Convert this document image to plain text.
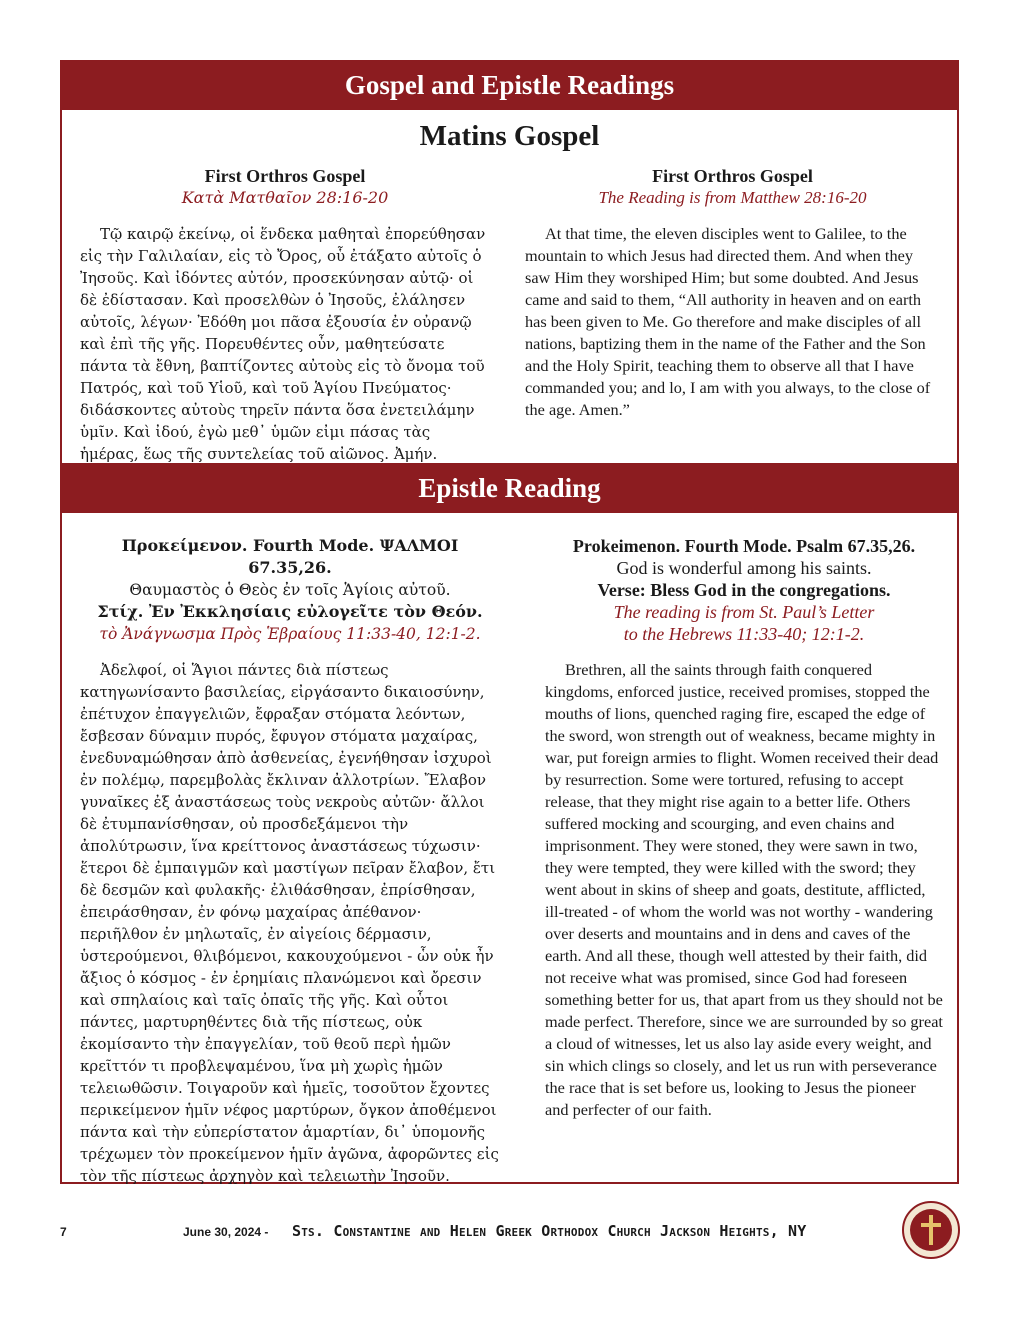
Gospel and Epistle Readings
Matins Gospel
First Orthros Gospel
Κατὰ Ματθαῖον 28:16-20
Τῷ καιρῷ ἐκείνῳ, οἱ ἕνδεκα μαθηταὶ ἐπορεύθησαν εἰς τὴν Γαλιλαίαν, εἰς τὸ Ὄρος, οὗ ἐτάξατο αὐτοῖς ὁ Ἰησοῦς. Καὶ ἰδόντες αὐτόν, προσεκύνησαν αὐτῷ· οἱ δὲ ἐδίστασαν. Καὶ προσελθὼν ὁ Ἰησοῦς, ἐλάλησεν αὐτοῖς, λέγων· Ἐδόθη μοι πᾶσα ἐξουσία ἐν οὐρανῷ καὶ ἐπὶ τῆς γῆς. Πορευθέντες οὖν, μαθητεύσατε πάντα τὰ ἔθνη, βαπτίζοντες αὐτοὺς εἰς τὸ ὄνομα τοῦ Πατρός, καὶ τοῦ Υἱοῦ, καὶ τοῦ Ἁγίου Πνεύματος· διδάσκοντες αὐτοὺς τηρεῖν πάντα ὅσα ἐνετειλάμην ὑμῖν. Καὶ ἰδού, ἐγὼ μεθ᾽ ὑμῶν εἰμι πάσας τὰς ἡμέρας, ἕως τῆς συντελείας τοῦ αἰῶνος. Ἀμήν.
First Orthros Gospel
The Reading is from Matthew 28:16-20
At that time, the eleven disciples went to Galilee, to the mountain to which Jesus had directed them. And when they saw Him they worshiped Him; but some doubted. And Jesus came and said to them, “All authority in heaven and on earth has been given to Me. Go therefore and make disciples of all nations, baptizing them in the name of the Father and the Son and the Holy Spirit, teaching them to observe all that I have commanded you; and lo, I am with you always, to the close of the age. Amen.”
Epistle Reading
Προκείμενον. Fourth Mode. ΨΑΛΜΟΙ 67.35,26.
Θαυμαστὸς ὁ Θεὸς ἐν τοῖς Ἁγίοις αὐτοῦ.
Στίχ. Ἐν Ἐκκλησίαις εὐλογεῖτε τὸν Θεόν.
τὸ Ἀνάγνωσμα Πρὸς Ἑβραίους 11:33-40, 12:1-2.
Ἀδελφοί, οἱ Ἅγιοι πάντες διὰ πίστεως κατηγωνίσαντο βασιλείας, εἰργάσαντο δικαιοσύνην, ἐπέτυχον ἐπαγγελιῶν, ἔφραξαν στόματα λεόντων, ἔσβεσαν δύναμιν πυρός, ἔφυγον στόματα μαχαίρας, ἐνεδυναμώθησαν ἀπὸ ἀσθενείας, ἐγενήθησαν ἰσχυροὶ ἐν πολέμῳ, παρεμβολὰς ἔκλιναν ἀλλοτρίων. Ἔλαβον γυναῖκες ἐξ ἀναστάσεως τοὺς νεκροὺς αὐτῶν· ἄλλοι δὲ ἐτυμπανίσθησαν, οὐ προσδεξάμενοι τὴν ἀπολύτρωσιν, ἵνα κρείττονος ἀναστάσεως τύχωσιν· ἕτεροι δὲ ἐμπαιγμῶν καὶ μαστίγων πεῖραν ἔλαβον, ἔτι δὲ δεσμῶν καὶ φυλακῆς· ἐλιθάσθησαν, ἐπρίσθησαν, ἐπειράσθησαν, ἐν φόνῳ μαχαίρας ἀπέθανον· περιῆλθον ἐν μηλωταῖς, ἐν αἰγείοις δέρμασιν, ὑστερούμενοι, θλιβόμενοι, κακουχούμενοι - ὧν οὐκ ἦν ἄξιος ὁ κόσμος - ἐν ἐρημίαις πλανώμενοι καὶ ὄρεσιν καὶ σπηλαίοις καὶ ταῖς ὀπαῖς τῆς γῆς. Καὶ οὗτοι πάντες, μαρτυρηθέντες διὰ τῆς πίστεως, οὐκ ἐκομίσαντο τὴν ἐπαγγελίαν, τοῦ θεοῦ περὶ ἡμῶν κρεῖττόν τι προβλεψαμένου, ἵνα μὴ χωρὶς ἡμῶν τελειωθῶσιν. Τοιγαροῦν καὶ ἡμεῖς, τοσοῦτον ἔχοντες περικείμενον ἡμῖν νέφος μαρτύρων, ὄγκον ἀποθέμενοι πάντα καὶ τὴν εὐπερίστατον ἁμαρτίαν, δι᾽ ὑπομονῆς τρέχωμεν τὸν προκείμενον ἡμῖν ἀγῶνα, ἀφορῶντες εἰς τὸν τῆς πίστεως ἀρχηγὸν καὶ τελειωτὴν Ἰησοῦν.
Prokeimenon. Fourth Mode. Psalm 67.35,26.
God is wonderful among his saints.
Verse: Bless God in the congregations.
The reading is from St. Paul’s Letter
to the Hebrews 11:33-40; 12:1-2.
Brethren, all the saints through faith conquered kingdoms, enforced justice, received promises, stopped the mouths of lions, quenched raging fire, escaped the edge of the sword, won strength out of weakness, became mighty in war, put foreign armies to flight. Women received their dead by resurrection. Some were tortured, refusing to accept release, that they might rise again to a better life. Others suffered mocking and scourging, and even chains and imprisonment. They were stoned, they were sawn in two, they were tempted, they were killed with the sword; they went about in skins of sheep and goats, destitute, afflicted, ill-treated - of whom the world was not worthy - wandering over deserts and mountains and in dens and caves of the earth. And all these, though well attested by their faith, did not receive what was promised, since God had foreseen something better for us, that apart from us they should not be made perfect. Therefore, since we are surrounded by so great a cloud of witnesses, let us also lay aside every weight, and sin which clings so closely, and let us run with perseverance the race that is set before us, looking to Jesus the pioneer and perfecter of our faith.
7	June 30, 2024 - Sts. Constantine and Helen Greek Orthodox Church Jackson Heights, NY
